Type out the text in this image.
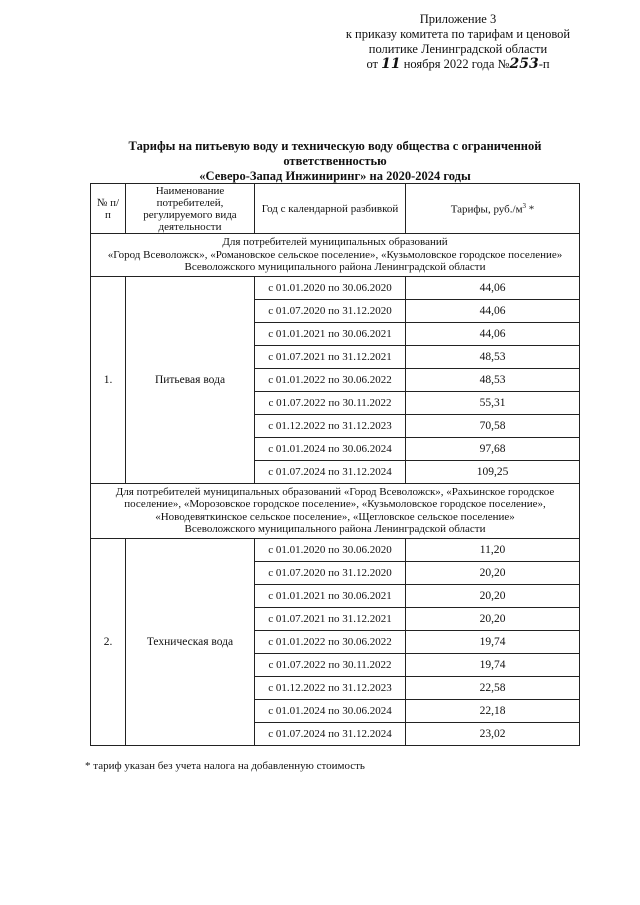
Приложение 3
к приказу комитета по тарифам и ценовой
политике Ленинградской области
от 11 ноября 2022 года №253-п
Тарифы на питьевую воду и техническую воду общества с ограниченной ответственностью
«Северо-Запад Инжиниринг» на 2020-2024 годы
№ п/п	Наименование потребителей, регулируемого вида деятельности	Год с календарной разбивкой	Тарифы, $руб./м^3$ *

Для потребителей муниципальных образований
«Город Всеволожск», «Романовское сельское поселение», «Кузьмоловское городское поселение»
Всеволожского муниципального района Ленинградской области			

1.	Питьевая вода	с 01.01.2020 по 30.06.2020	44,06
		с 01.07.2020 по 31.12.2020	44,06
		с 01.01.2021 по 30.06.2021	44,06
		с 01.07.2021 по 31.12.2021	48,53
		с 01.01.2022 по 30.06.2022	48,53
		с 01.07.2022 по 30.11.2022	55,31
		с 01.12.2022 по 31.12.2023	70,58
		с 01.01.2024 по 30.06.2024	97,68
		с 01.07.2024 по 31.12.2024	109,25

Для потребителей муниципальных образований «Город Всеволожск», «Рахьинское городское
поселение», «Морозовское городское поселение», «Кузьмоловское городское поселение»,
«Новодевяткинское сельское поселение», «Щегловское сельское поселение»
Всеволожского муниципального района Ленинградской области			

2.	Техническая вода	с 01.01.2020 по 30.06.2020	11,20
		с 01.07.2020 по 31.12.2020	20,20
		с 01.01.2021 по 30.06.2021	20,20
		с 01.07.2021 по 31.12.2021	20,20
		с 01.01.2022 по 30.06.2022	19,74
		с 01.07.2022 по 30.11.2022	19,74
		с 01.12.2022 по 31.12.2023	22,58
		с 01.01.2024 по 30.06.2024	22,18
		с 01.07.2024 по 31.12.2024	23,02
* тариф указан без учета налога на добавленную стоимость
